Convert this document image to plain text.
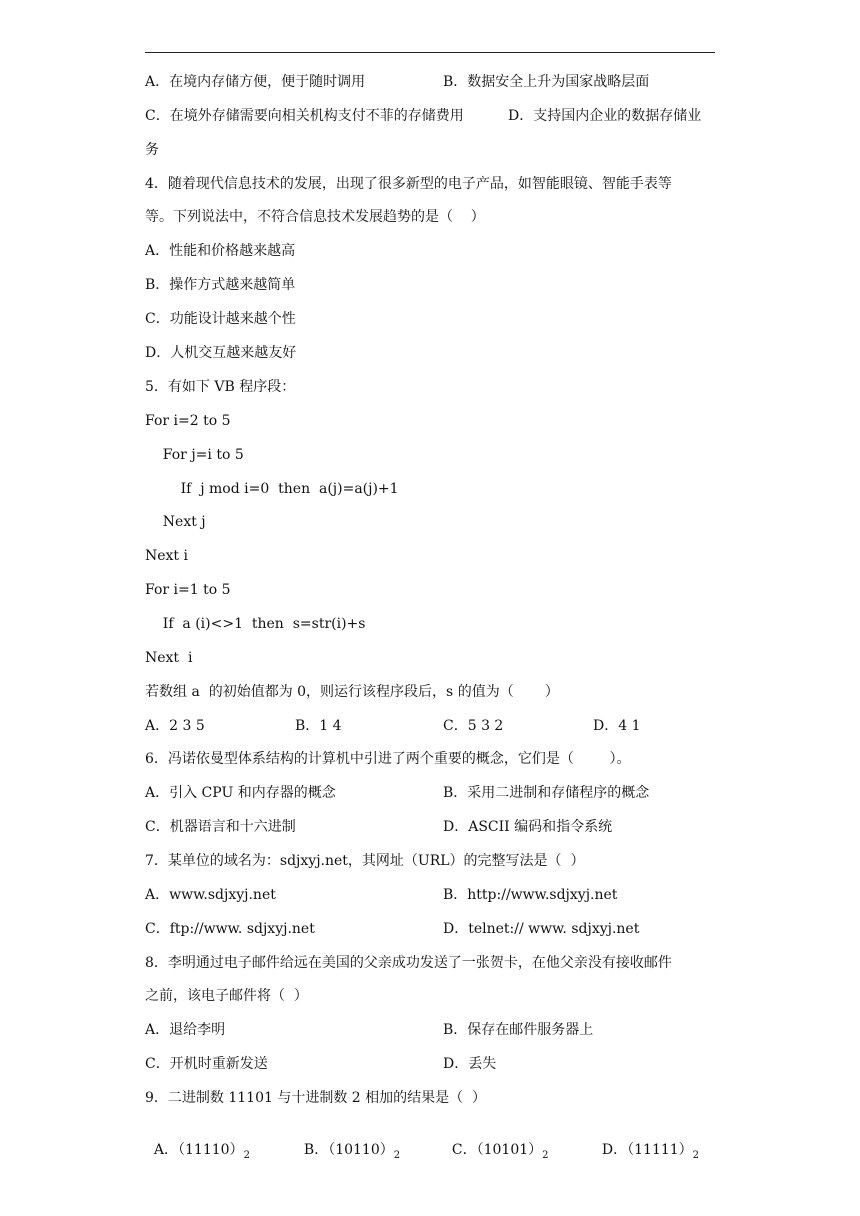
A．在境内存储方便，便于随时调用	B．数据安全上升为国家战略层面
C．在境外存储需要向相关机构支付不菲的存储费用	D．支持国内企业的数据存储业
务
4．随着现代信息技术的发展，出现了很多新型的电子产品，如智能眼镜、智能手表等
等。下列说法中，不符合信息技术发展趋势的是（    ）
A．性能和价格越来越高
B．操作方式越来越简单
C．功能设计越来越个性
D．人机交互越来越友好
5．有如下 VB 程序段：
For i=2 to 5
For j=i to 5
If  j mod i=0  then  a(j)=a(j)+1
Next j
Next i
For i=1 to 5
If  a (i)<>1  then  s=str(i)+s
Next  i
若数组 a  的初始值都为 0，则运行该程序段后，s 的值为（       ）
A．2 3 5	B．1 4	C．5 3 2	D．4 1
6．冯诺依曼型体系结构的计算机中引进了两个重要的概念，它们是（        ）。
A．引入 CPU 和内存器的概念	B．采用二进制和存储程序的概念
C．机器语言和十六进制	D．ASCII 编码和指令系统
7．某单位的域名为：sdjxyj.net，其网址（URL）的完整写法是（  ）
A．www.sdjxyj.net	B．http://www.sdjxyj.net
C．ftp://www. sdjxyj.net	D．telnet:// www. sdjxyj.net
8．李明通过电子邮件给远在美国的父亲成功发送了一张贺卡，在他父亲没有接收邮件
之前，该电子邮件将（  ）
A．退给李明	B．保存在邮件服务器上
C．开机时重新发送	D．丢失
9．二进制数 11101 与十进制数 2 相加的结果是（  ）

A．$(11110)_2$	B．$(10110)_2$	C．$(10101)_2$	D．$(11111)_2$
